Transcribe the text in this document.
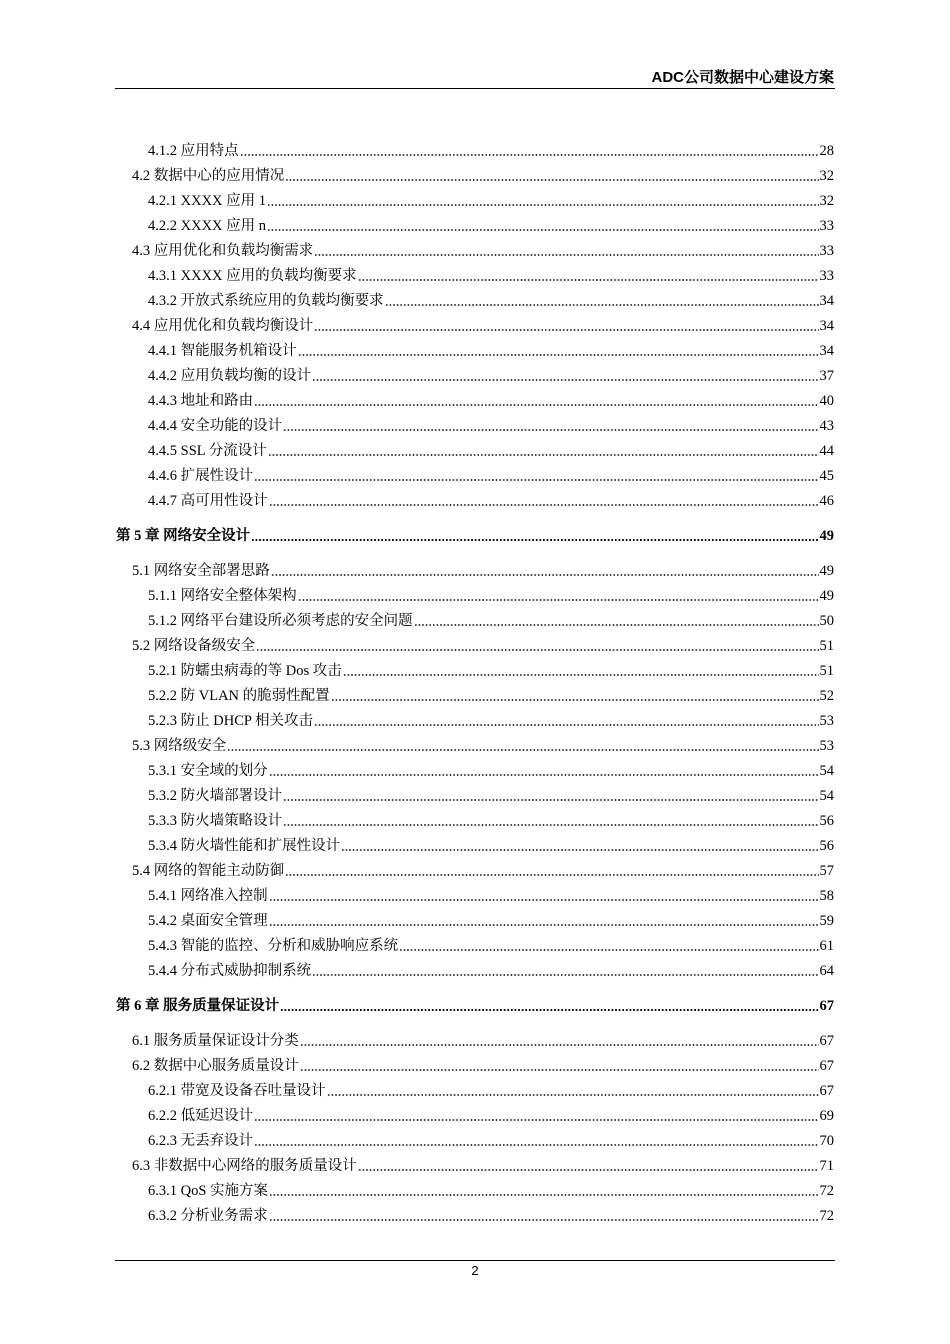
ADC公司数据中心建设方案
4.1.2 应用特点	28
4.2 数据中心的应用情况	32
4.2.1 XXXX 应用 1	32
4.2.2 XXXX 应用 n	33
4.3 应用优化和负载均衡需求	33
4.3.1 XXXX 应用的负载均衡要求	33
4.3.2 开放式系统应用的负载均衡要求	34
4.4 应用优化和负载均衡设计	34
4.4.1 智能服务机箱设计	34
4.4.2 应用负载均衡的设计	37
4.4.3 地址和路由	40
4.4.4 安全功能的设计	43
4.4.5 SSL 分流设计	44
4.4.6 扩展性设计	45
4.4.7 高可用性设计	46
第 5 章 网络安全设计	49
5.1 网络安全部署思路	49
5.1.1 网络安全整体架构	49
5.1.2 网络平台建设所必须考虑的安全问题	50
5.2 网络设备级安全	51
5.2.1 防蠕虫病毒的等 Dos 攻击	51
5.2.2 防 VLAN 的脆弱性配置	52
5.2.3 防止 DHCP 相关攻击	53
5.3 网络级安全	53
5.3.1 安全域的划分	54
5.3.2 防火墙部署设计	54
5.3.3 防火墙策略设计	56
5.3.4 防火墙性能和扩展性设计	56
5.4 网络的智能主动防御	57
5.4.1 网络准入控制	58
5.4.2 桌面安全管理	59
5.4.3 智能的监控、分析和威胁响应系统	61
5.4.4 分布式威胁抑制系统	64
第 6 章 服务质量保证设计	67
6.1 服务质量保证设计分类	67
6.2 数据中心服务质量设计	67
6.2.1 带宽及设备吞吐量设计	67
6.2.2 低延迟设计	69
6.2.3 无丢弃设计	70
6.3 非数据中心网络的服务质量设计	71
6.3.1 QoS 实施方案	72
6.3.2 分析业务需求	72
2
